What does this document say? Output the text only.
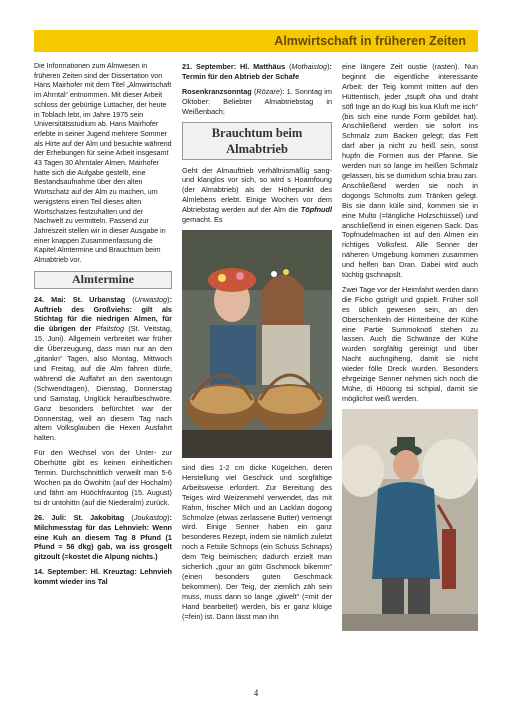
Almwirtschaft in früheren Zeiten

Die Informationen zum Almwesen in früheren Zeiten sind der Dissertation von Hans Mairhofer mit dem Titel „Almwirtschaft im Ahrntal“ entnommen. Mit dieser Arbeit schloss der gebürtige Luttacher, der heute in Toblach lebt, im Jahre 1975 sein Universitätsstudium ab. Hans Mairhofer erlebte in seiner Jugend mehrere Sommer als Hirte auf der Alm und besuchte während der Erhebungen für seine Arbeit insgesamt 43 Tagen 30 Ahrntaler Almen. Mairhofer hatte sich die Aufgabe gestellt, eine Bestandsaufnahme über den alten Wortschatz auf der Alm zu machen, um wenigstens einen Teil dieses alten Wortschatzes festzuhalten und der Nachwelt zu vermitteln. Passend zur Jahreszeit stellen wir in dieser Ausgabe in einer knappen Zusammenfassung die Kapitel Almtermine und Brauchtum beim Almabtrieb vor.

Almtermine

24. Mai: St. Urbanstag (Unwastog): Auftrieb des Großviehs: gilt als Stichtag für die niedrigen Almen, für die übrigen der Pfaitstog (St. Veitstag, 15. Juni). Allgemein verbreitet war früher die Überzeugung, dass man nur an den „gitankn“ Tagen, also Montag, Mittwoch und Freitag, auf die Alm fahren dürfe, während die Auffahrt an den swentougn (Schwendtagen), Dienstag, Donnerstag und Samstag, Unglück heraufbeschwöre. Ganz besonders befürchtet war der Donnerstag, weil an diesem Tag nach altem Volksglauben die Hexen Ausfahrt halten.

Für den Wechsel von der Unter- zur Oberhütte gibt es keinen einheitlichen Termin. Durchschnittlich verweilt man 5-6 Wochen pa do Öwohitn (auf der Hochalm) und fährt am Hüöchfrauntog (15. August) tsi dr untohittn (auf die Niederalm) zurück.

26. Juli: St. Jakobitag (Joukastog): Milchmesstag für das Lehnvieh: Wenn eine Kuh an diesem Tag 8 Pfund (1 Pfund = 56 dkg) gab, wa iss grosgelt gitzoult (=kostet die Alpung nichts.)

14. September: Hl. Kreuztag: Lehnvieh kommt wieder ins Tal

21. September: Hl. Matthäus (Mothaistog): Termin für den Abtrieb der Schafe

Rosenkranzsonntag (Rözare): 1. Sonntag im Oktober: Beliebter Almabtriebstag in Weißenbach;

Brauchtum beim Almabtrieb

Geht der Almauftrieb verhältnismäßig sang- und klanglos vor sich, so wird s Hoamfoung (der Almabtrieb) als der Höhepunkt des Almlebens erlebt. Einige Wochen vor dem Abtriebstag werden auf der Alm die Töpfnudl gemacht. Es

sind dies 1-2 cm dicke Kügelchen, deren Herstellung viel Geschick und sorgfältige Arbeitsweise erfordert. Zur Bereitung des Teiges wird Weizenmehl verwendet, das mit Rahm, frischer Milch und an Lacklan dogong Schmolze (etwas zerlassene Butter) vermengt wird. Einige Senner haben ein ganz besonderes Rezept, indem sie nämlich zuletzt noch a Fetsile Schnops (ein Schuss Schnaps) dem Teig beimischen; dadurch erzielt man sicherlich „gour an gütn Gschmock bikemm“ (einen besonders guten Geschmack bekommen). Der Teig, der ziemlich zäh sein muss, muss dann so lange „giwelt“ (=mit der Hand bearbeitet) werden, bis er ganz klüige (=fein) ist. Dann lässt man ihn

eine längere Zeit oustie (rasten). Nun beginnt die eigentliche interessante Arbeit: der Teig kommt mitten auf den Hüttentisch, jeder „tsupft oha und draht söfl Inge an do Kugl bis kua Kluft me isch“ (bis sich eine runde Form gebildet hat). Anschließend werden sie sofort ins Schmalz zum Backen gelegt; das Fett darf aber ja nicht zu heiß sein, sonst hupfn die Formen aus der Pfanne. Sie werden nun so lange im heißen Schmalz gelassen, bis se dumidum schia brau zan. Anschließend werden sie noch in dogongs Schmolts zum Tränken gelegt. Bis sie dann küile sind, kommen sie in eine Multo (=längliche Holzschüssel) und anschließend in einen eigenen Sack. Das Topfnudelmachen ist auf den Almen ein richtiges Volksfest. Alle Senner der näheren Umgebung kommen zusammen und helfen ban Dran. Dabei wird auch tüchtig gschnapslt.

Zwei Tage vor der Heimfahrt werden dann die Ficho gstriglt und gspielt. Früher soll es üblich gewesen sein, an den Oberschenkeln der Hinterbeine der Kühe eine Partie Summoknotl stehen zu lassen. Auch die Schwänze der Kühe wurden sorgfältig gereinigt und über Nacht auchngiheng, damit sie nicht wieder fölle Dreck wurden. Besonders ehrgeizige Senner nehmen sich noch die Mühe, di Höüong tsi schpial, damit sie möglichst weiß werden.

4
